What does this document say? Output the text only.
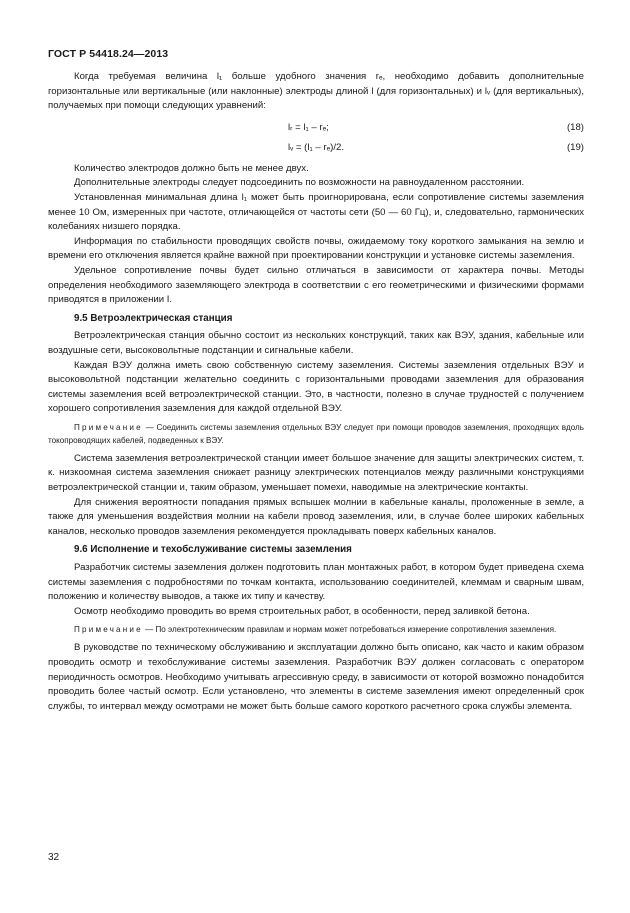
ГОСТ Р 54418.24—2013

Когда требуемая величина l₁ больше удобного значения rₑ, необходимо добавить дополнительные горизонтальные или вертикальные (или наклонные) электроды длиной l (для горизонтальных) и lᵥ (для вертикальных), получаемых при помощи следующих уравнений:

lᵣ = l₁ – rₑ;	(18)
lᵥ = (l₁ – rₑ)/2.	(19)

Количество электродов должно быть не менее двух.

Дополнительные электроды следует подсоединить по возможности на равноудаленном расстоянии.

Установленная минимальная длина l₁ может быть проигнорирована, если сопротивление системы заземления менее 10 Ом, измеренных при частоте, отличающейся от частоты сети (50 — 60 Гц), и, следовательно, гармонических колебаниях низшего порядка.

Информация по стабильности проводящих свойств почвы, ожидаемому току короткого замыкания на землю и времени его отключения является крайне важной при проектировании конструкции и установке системы заземления.

Удельное сопротивление почвы будет сильно отличаться в зависимости от характера почвы. Методы определения необходимого заземляющего электрода в соответствии с его геометрическими и физическими формами приводятся в приложении I.

9.5 Ветроэлектрическая станция

Ветроэлектрическая станция обычно состоит из нескольких конструкций, таких как ВЭУ, здания, кабельные или воздушные сети, высоковольтные подстанции и сигнальные кабели.

Каждая ВЭУ должна иметь свою собственную систему заземления. Системы заземления отдельных ВЭУ и высоковольтной подстанции желательно соединить с горизонтальными проводами заземления для образования системы заземления всей ветроэлектрической станции. Это, в частности, полезно в случае трудностей с получением хорошего сопротивления заземления для каждой отдельной ВЭУ.

Примечание — Соединить системы заземления отдельных ВЭУ следует при помощи проводов заземления, проходящих вдоль токопроводящих кабелей, подведенных к ВЭУ.

Система заземления ветроэлектрической станции имеет большое значение для защиты электрических систем, т. к. низкоомная система заземления снижает разницу электрических потенциалов между различными конструкциями ветроэлектрической станции и, таким образом, уменьшает помехи, наводимые на электрические контакты.

Для снижения вероятности попадания прямых вспышек молнии в кабельные каналы, проложенные в земле, а также для уменьшения воздействия молнии на кабели провод заземления, или, в случае более широких кабельных каналов, несколько проводов заземления рекомендуется прокладывать поверх кабельных каналов.

9.6 Исполнение и техобслуживание системы заземления

Разработчик системы заземления должен подготовить план монтажных работ, в котором будет приведена схема системы заземления с подробностями по точкам контакта, использованию соединителей, клеммам и сварным швам, положению и количеству выводов, а также их типу и качеству.

Осмотр необходимо проводить во время строительных работ, в особенности, перед заливкой бетона.

Примечание — По электротехническим правилам и нормам может потребоваться измерение сопротивления заземления.

В руководстве по техническому обслуживанию и эксплуатации должно быть описано, как часто и каким образом проводить осмотр и техобслуживание системы заземления. Разработчик ВЭУ должен согласовать с оператором периодичность осмотров. Необходимо учитывать агрессивную среду, в зависимости от которой возможно понадобится проводить более частый осмотр. Если установлено, что элементы в системе заземления имеют определенный срок службы, то интервал между осмотрами не может быть больше самого короткого расчетного срока службы элемента.

32
